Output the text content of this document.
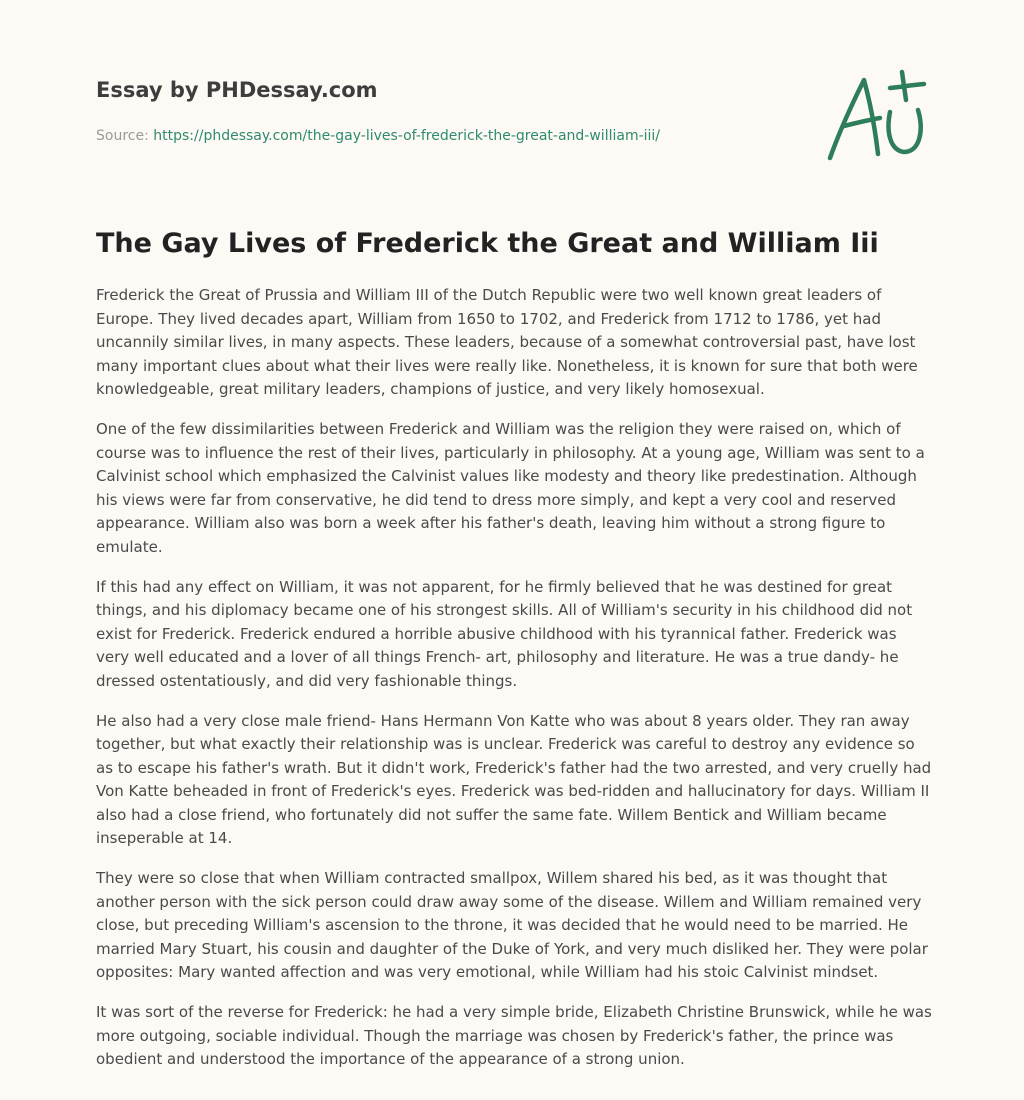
Essay by PHDessay.com
Source: https://phdessay.com/the-gay-lives-of-frederick-the-great-and-william-iii/
The Gay Lives of Frederick the Great and William Iii

Frederick the Great of Prussia and William III of the Dutch Republic were two well known great leaders of Europe. They lived decades apart, William from 1650 to 1702, and Frederick from 1712 to 1786, yet had uncannily similar lives, in many aspects. These leaders, because of a somewhat controversial past, have lost many important clues about what their lives were really like. Nonetheless, it is known for sure that both were knowledgeable, great military leaders, champions of justice, and very likely homosexual.

One of the few dissimilarities between Frederick and William was the religion they were raised on, which of course was to influence the rest of their lives, particularly in philosophy. At a young age, William was sent to a Calvinist school which emphasized the Calvinist values like modesty and theory like predestination. Although his views were far from conservative, he did tend to dress more simply, and kept a very cool and reserved appearance. William also was born a week after his father's death, leaving him without a strong figure to emulate.

If this had any effect on William, it was not apparent, for he firmly believed that he was destined for great things, and his diplomacy became one of his strongest skills. All of William's security in his childhood did not exist for Frederick. Frederick endured a horrible abusive childhood with his tyrannical father. Frederick was very well educated and a lover of all things French- art, philosophy and literature. He was a true dandy- he dressed ostentatiously, and did very fashionable things.

He also had a very close male friend- Hans Hermann Von Katte who was about 8 years older. They ran away together, but what exactly their relationship was is unclear. Frederick was careful to destroy any evidence so as to escape his father's wrath. But it didn't work, Frederick's father had the two arrested, and very cruelly had Von Katte beheaded in front of Frederick's eyes. Frederick was bed-ridden and hallucinatory for days. William II also had a close friend, who fortunately did not suffer the same fate. Willem Bentick and William became inseperable at 14.

They were so close that when William contracted smallpox, Willem shared his bed, as it was thought that another person with the sick person could draw away some of the disease. Willem and William remained very close, but preceding William's ascension to the throne, it was decided that he would need to be married. He married Mary Stuart, his cousin and daughter of the Duke of York, and very much disliked her. They were polar opposites: Mary wanted affection and was very emotional, while William had his stoic Calvinist mindset.

It was sort of the reverse for Frederick: he had a very simple bride, Elizabeth Christine Brunswick, while he was more outgoing, sociable individual. Though the marriage was chosen by Frederick's father, the prince was obedient and understood the importance of the appearance of a strong union.
